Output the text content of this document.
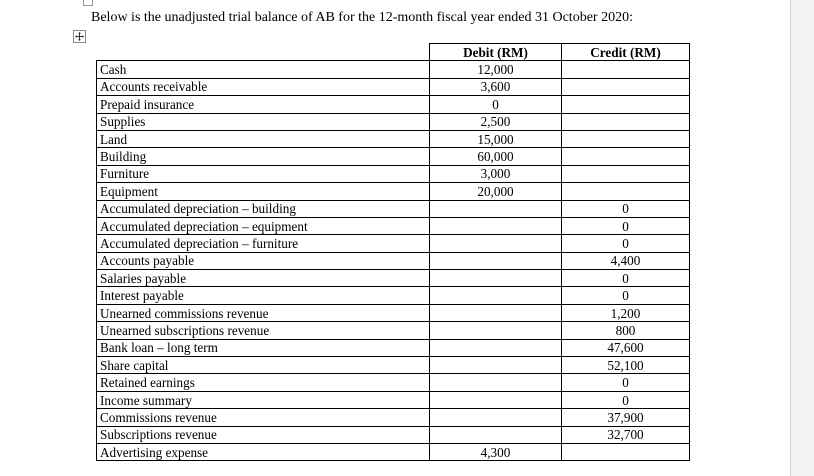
Below is the unadjusted trial balance of AB for the 12-month fiscal year ended 31 October 2020:
	Debit (RM)	Credit (RM)
Cash	12,000	
Accounts receivable	3,600	
Prepaid insurance	0	
Supplies	2,500	
Land	15,000	
Building	60,000	
Furniture	3,000	
Equipment	20,000	
Accumulated depreciation – building		0
Accumulated depreciation – equipment		0
Accumulated depreciation – furniture		0
Accounts payable		4,400
Salaries payable		0
Interest payable		0
Unearned commissions revenue		1,200
Unearned subscriptions revenue		800
Bank loan – long term		47,600
Share capital		52,100
Retained earnings		0
Income summary		0
Commissions revenue		37,900
Subscriptions revenue		32,700
Advertising expense	4,300	
